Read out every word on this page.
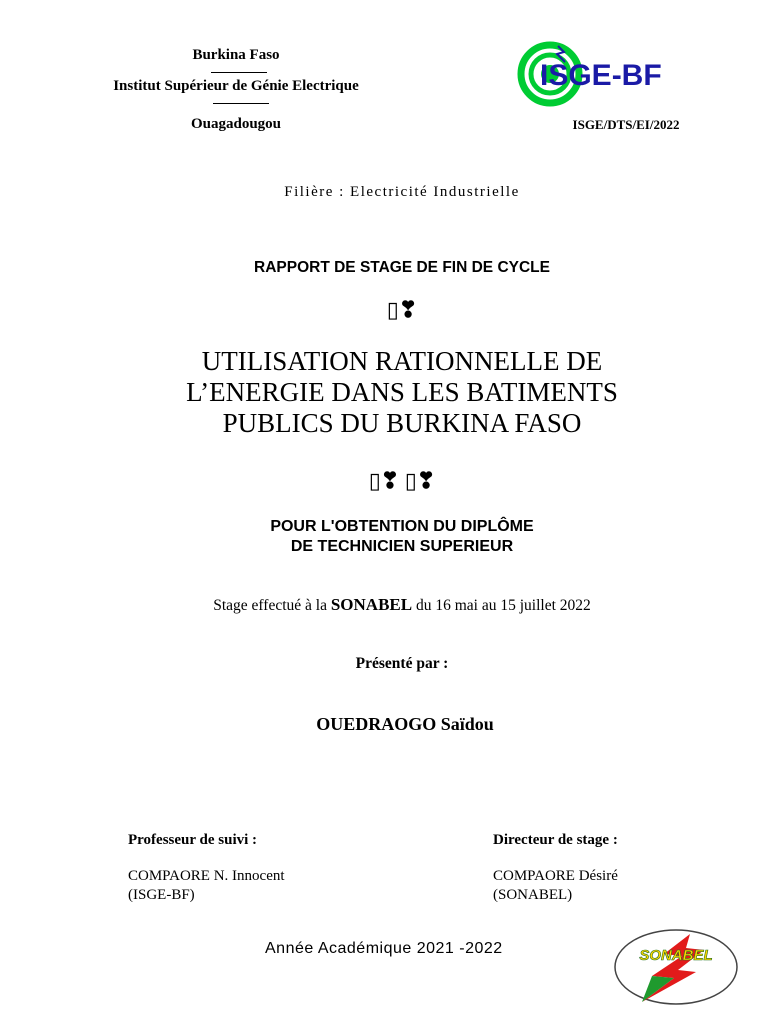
Burkina Faso
Institut Supérieur de Génie Electrique
Ouagadougou
ISGE-BF
ISGE/DTS/EI/2022
Filière : Electricité Industrielle
RAPPORT DE STAGE DE FIN DE CYCLE
▯❣
UTILISATION RATIONNELLE DE
L’ENERGIE DANS LES BATIMENTS
PUBLICS DU BURKINA FASO
▯❣ ▯❣
POUR L'OBTENTION DU DIPLÔME
DE TECHNICIEN SUPERIEUR
Stage effectué à la SONABEL du 16 mai au 15 juillet 2022
Présenté par :
OUEDRAOGO Saïdou
Professeur de suivi :
COMPAORE N. Innocent
(ISGE-BF)
Directeur de stage :
COMPAORE Désiré
(SONABEL)
Année Académique 2021 -2022	SONABEL
